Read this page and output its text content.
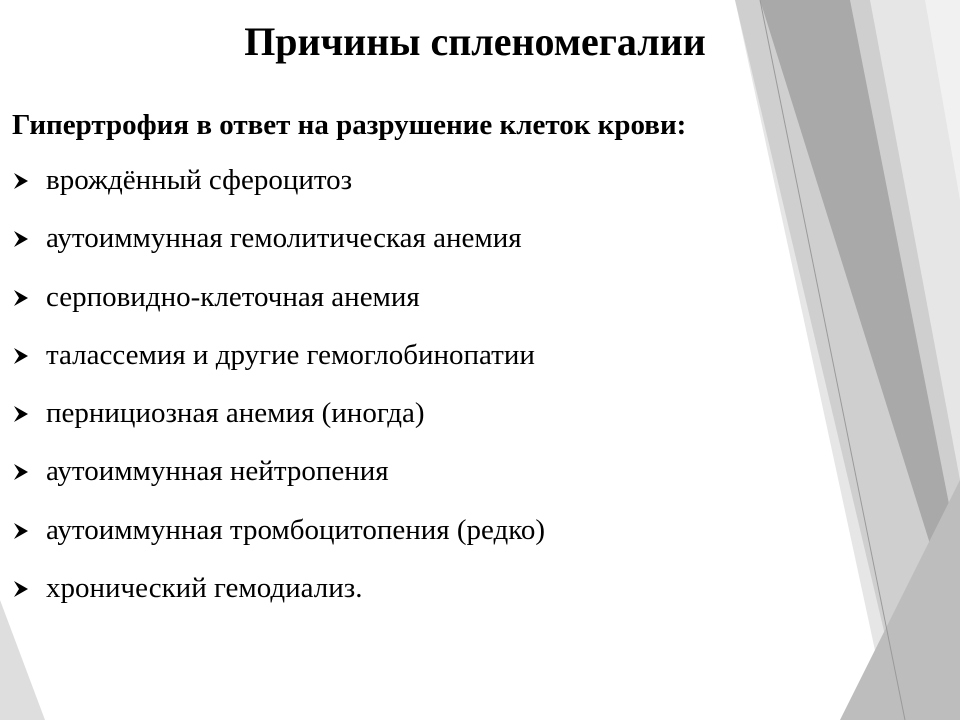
Причины спленомегалии
Гипертрофия в ответ на разрушение клеток крови:
врождённый сфероцитоз
аутоиммунная гемолитическая анемия
серповидно-клеточная анемия
талассемия и другие гемоглобинопатии
пернициозная анемия (иногда)
аутоиммунная нейтропения
аутоиммунная тромбоцитопения (редко)
хронический гемодиализ.
